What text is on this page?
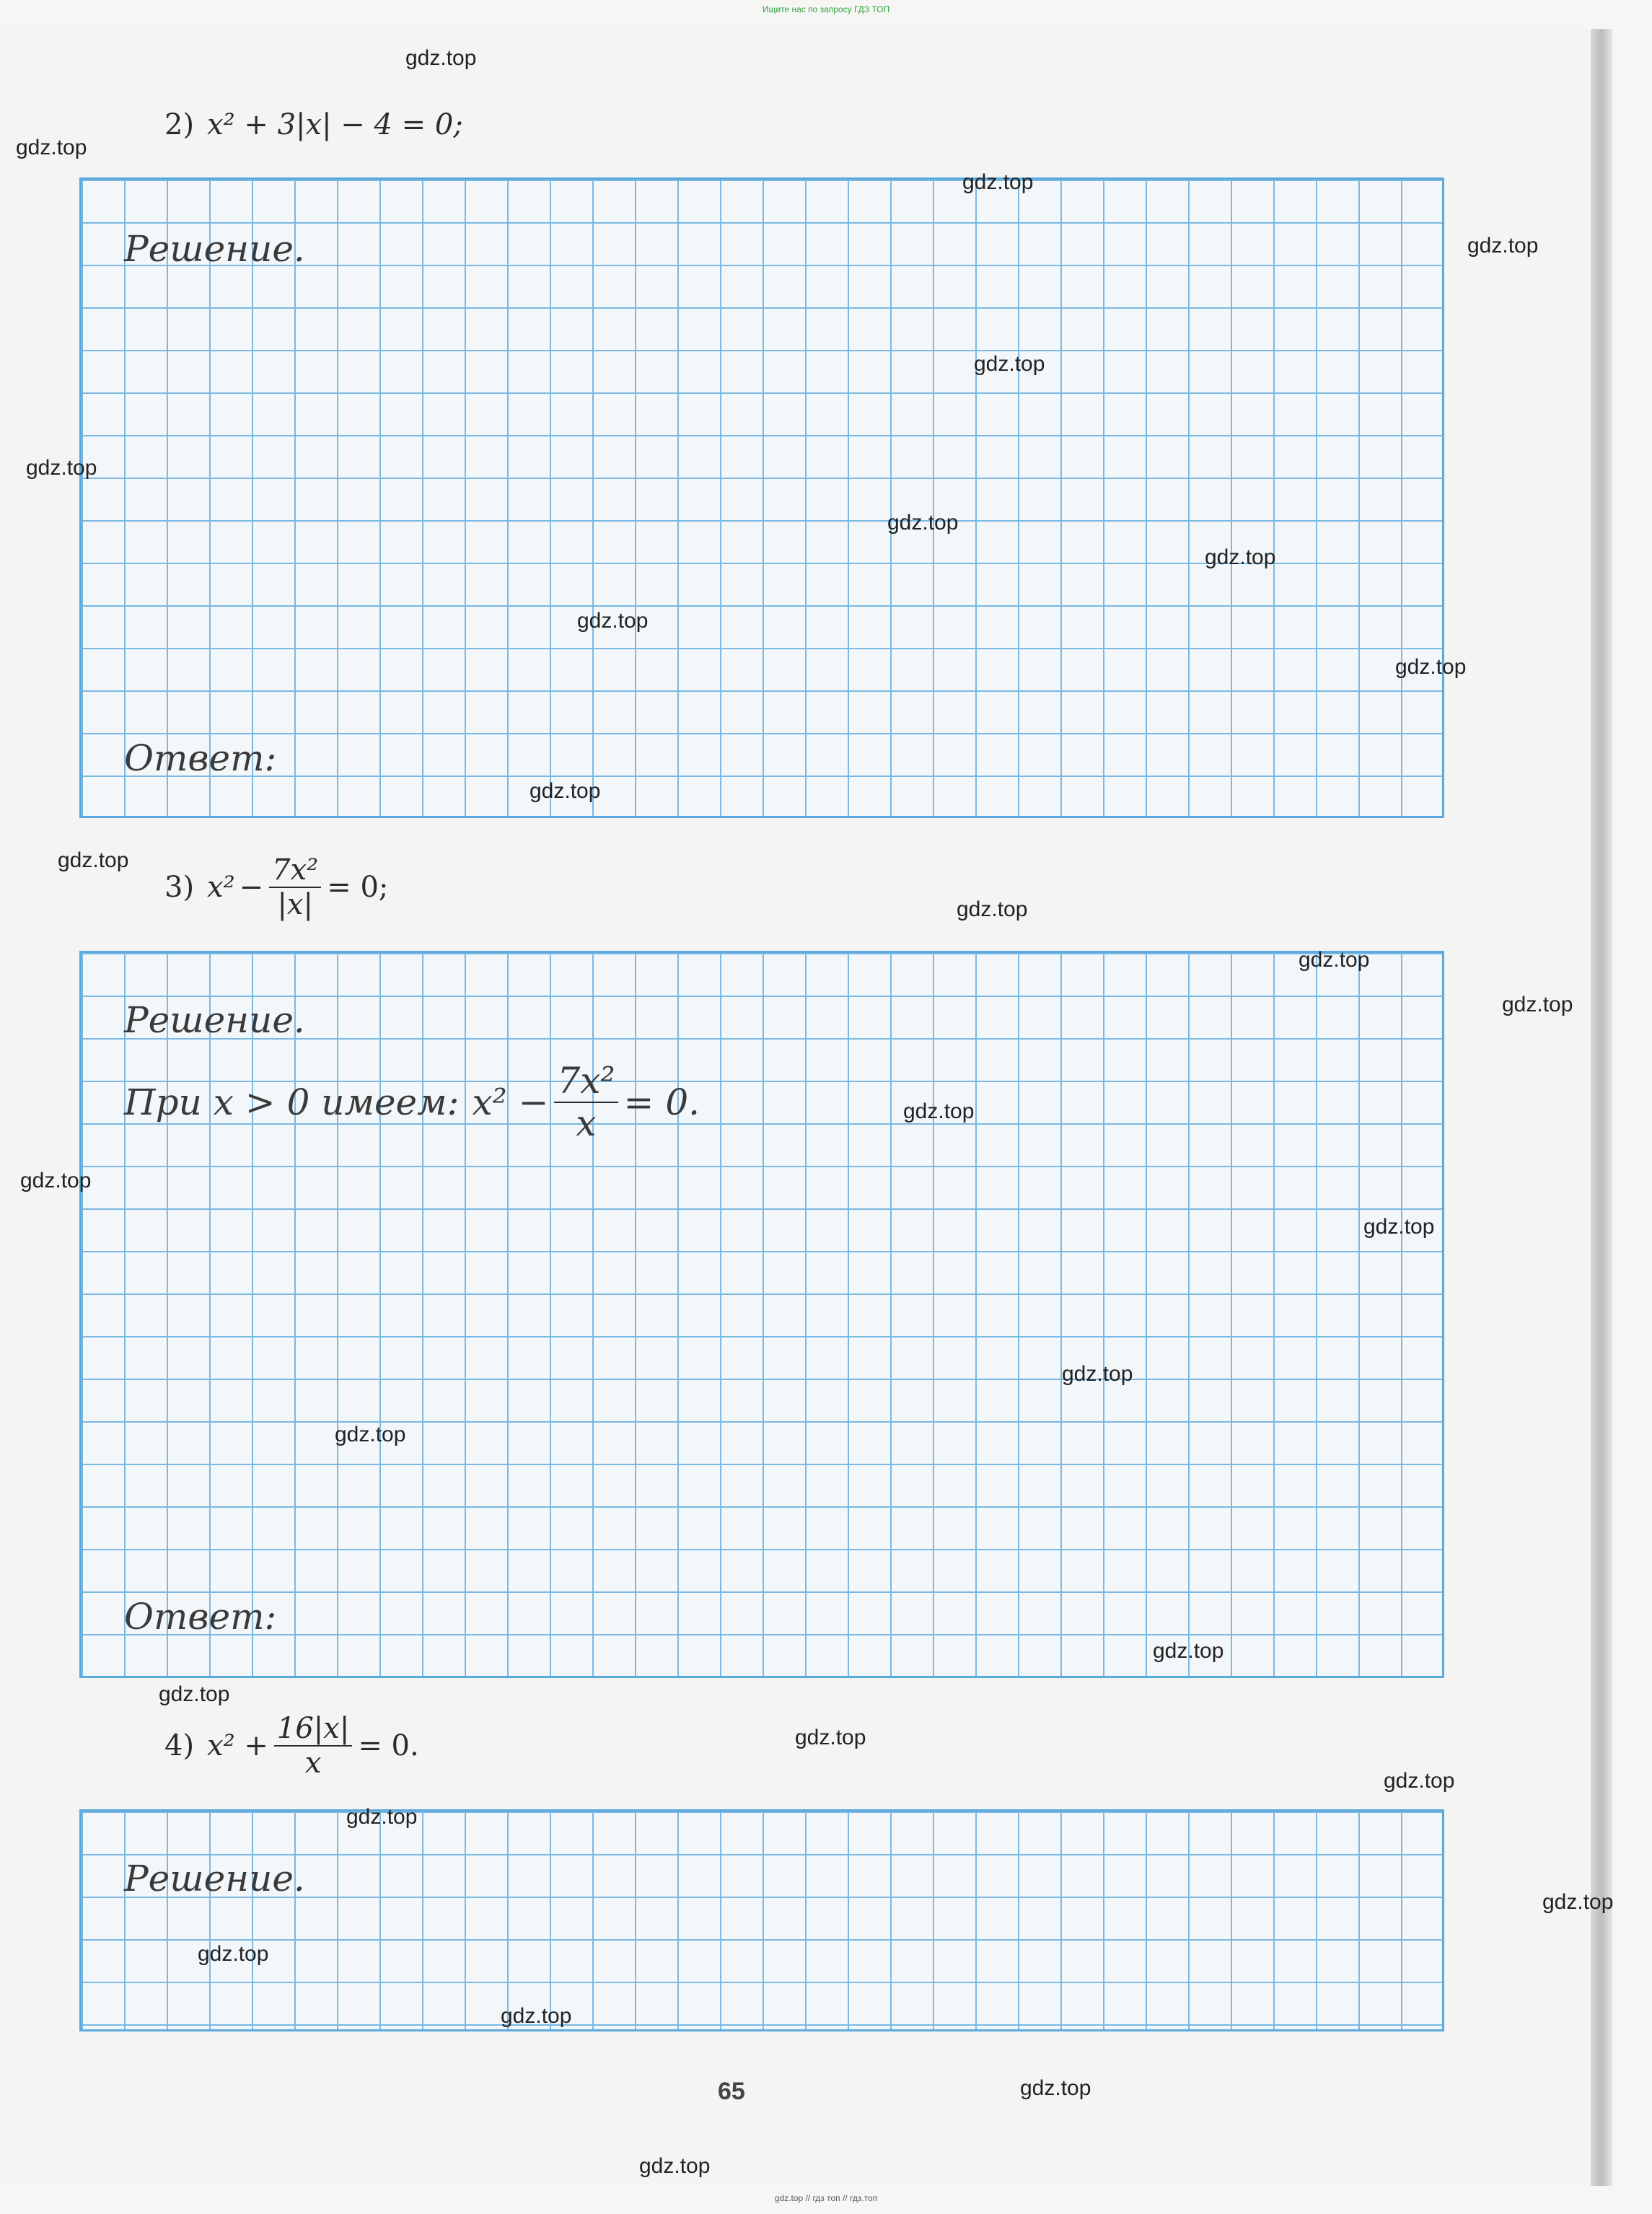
Ищите нас по запросу ГДЗ ТОП
2) x² + 3|x| − 4 = 0;
Решение.
Ответ:
3) $x^2 - \frac{\text{7x²}}{|x|} = 0$;
Решение.
При x > 0 имеем: $x^2 - \frac{\text{7x²}}{x} = 0$.
Ответ:
4) $x^2 + \frac{16|x|}{x} = 0$.
Решение.
65
gdz.top
gdz.top
gdz.top
gdz.top
gdz.top
gdz.top
gdz.top
gdz.top
gdz.top
gdz.top
gdz.top
gdz.top
gdz.top
gdz.top
gdz.top
gdz.top
gdz.top
gdz.top
gdz.top
gdz.top
gdz.top
gdz.top
gdz.top
gdz.top
gdz.top
gdz.top
gdz.top
gdz.top
gdz.top
gdz.top
gdz.top // гдз топ // гдз.топ
